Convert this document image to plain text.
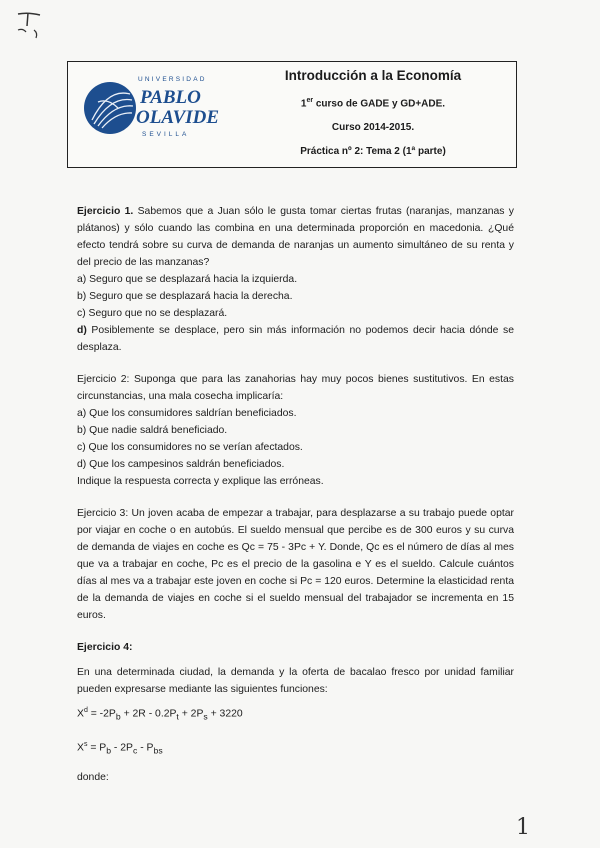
UNIVERSIDAD
PABLO
OLAVIDE
SEVILLA
Introducción a la Economía
1er curso de GADE y GD+ADE.
Curso 2014-2015.
Práctica nº 2: Tema 2 (1ª parte)
Ejercicio 1. Sabemos que a Juan sólo le gusta tomar ciertas frutas (naranjas, manzanas y plátanos) y sólo cuando las combina en una determinada proporción en macedonia. ¿Qué efecto tendrá sobre su curva de demanda de naranjas un aumento simultáneo de su renta y del precio de las manzanas?
a) Seguro que se desplazará hacia la izquierda.
b) Seguro que se desplazará hacia la derecha.
c) Seguro que no se desplazará.
d) Posiblemente se desplace, pero sin más información no podemos decir hacia dónde se desplaza.
Ejercicio 2: Suponga que para las zanahorias hay muy pocos bienes sustitutivos. En estas circunstancias, una mala cosecha implicaría:
a) Que los consumidores saldrían beneficiados.
b) Que nadie saldrá beneficiado.
c) Que los consumidores no se verían afectados.
d) Que los campesinos saldrán beneficiados.
Indique la respuesta correcta y explique las erróneas.
Ejercicio 3: Un joven acaba de empezar a trabajar, para desplazarse a su trabajo puede optar por viajar en coche o en autobús. El sueldo mensual que percibe es de 300 euros y su curva de demanda de viajes en coche es Qc = 75 - 3Pc + Y. Donde, Qc es el número de días al mes que va a trabajar en coche, Pc es el precio de la gasolina e Y es el sueldo. Calcule cuántos días al mes va a trabajar este joven en coche si Pc = 120 euros. Determine la elasticidad renta de la demanda de viajes en coche si el sueldo mensual del trabajador se incrementa en 15 euros.
Ejercicio 4:
En una determinada ciudad, la demanda y la oferta de bacalao fresco por unidad familiar pueden expresarse mediante las siguientes funciones:
$X^d = -2P_b + 2R - 0.2P_t + 2P_s + 3220$
$X^s = P_b - 2P_c - P_{bs}$
donde:
1
